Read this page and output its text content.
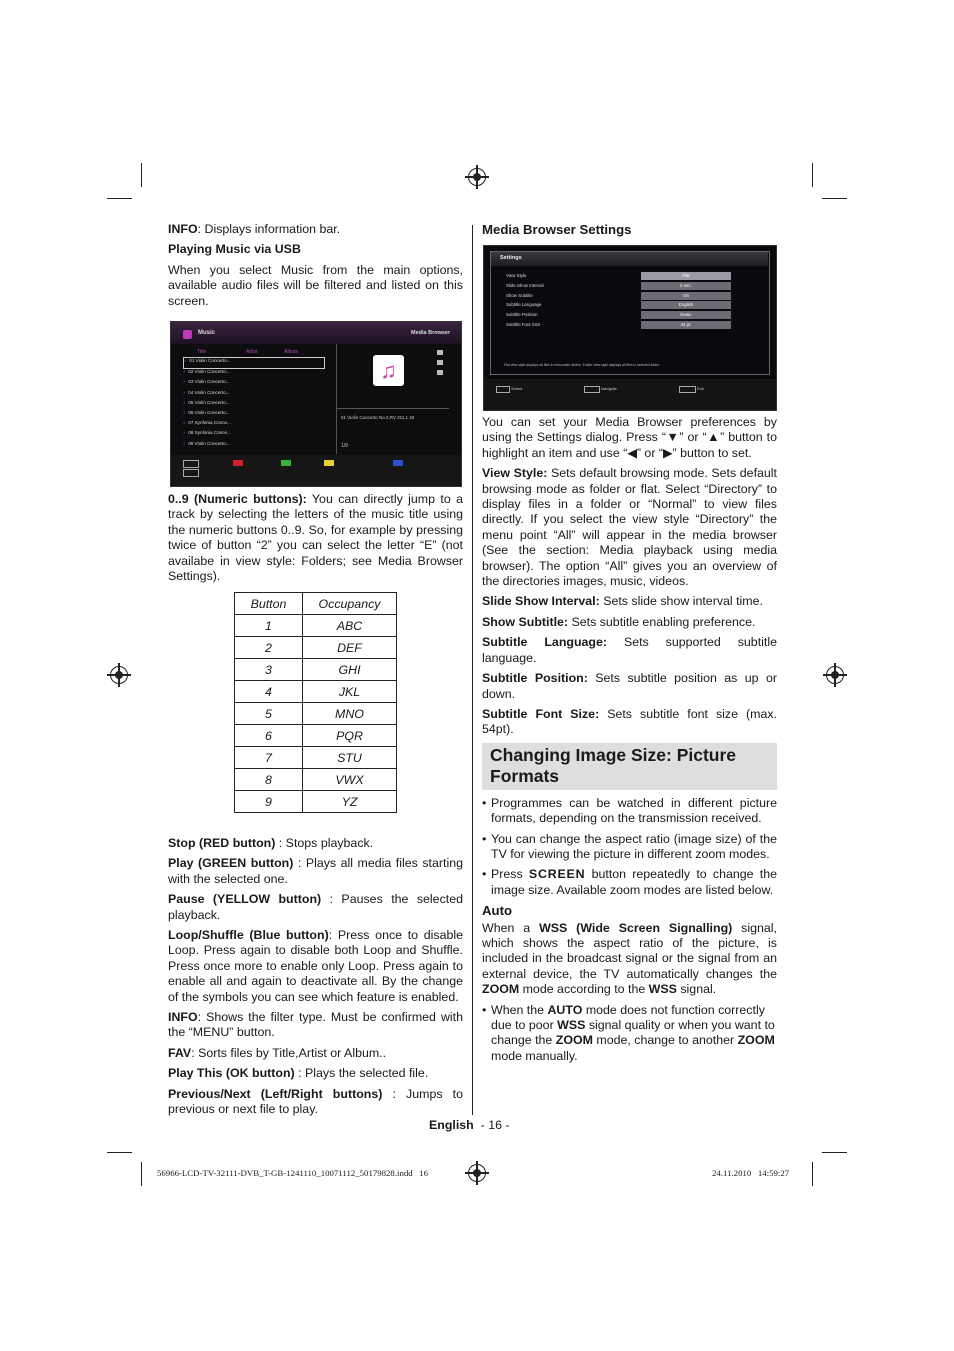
INFO: Displays information bar.

Playing Music via USB

When you select Music from the main options, available audio files will be filtered and listed on this screen.

Music	Media Browser
Title	Artist	Album
♪ 01 Violin Concerto...
♪ 02 Violin Concerto...
♪ 03 Violin Concerto...
♪ 04 Violin Concerto...
♪ 05 Violin Concerto...
♪ 06 Violin Concerto...
♪ 07 Synfonia Conce...
♪ 08 Synfonia Conce...
♪ 09 Violin Concerto...
♫
01 Violin Concerto No.2,RV 311,1 40
1/9

0..9 (Numeric buttons): You can directly jump to a track by selecting the letters of the music title using the numeric buttons 0..9. So, for example by pressing twice of button “2” you can select the letter “E” (not availabe in view style: Folders; see Media Browser Settings).

Button	Occupancy
1	ABC
2	DEF
3	GHI
4	JKL
5	MNO
6	PQR
7	STU
8	VWX
9	YZ

Stop (RED button) : Stops playback.

Play (GREEN button) : Plays all media files starting with the selected one.

Pause (YELLOW button) : Pauses the selected playback.

Loop/Shuffle (Blue button): Press once to disable Loop. Press again to disable both Loop and Shuffle. Press once more to enable only Loop. Press again to enable all and again to deactivate all. By the change of the symbols you can see which feature is enabled.

INFO: Shows the filter type. Must be confirmed with the “MENU” button.

FAV: Sorts files by Title,Artist or Album..

Play This (OK button) : Plays the selected file.

Previous/Next (Left/Right buttons) : Jumps to previous or next file to play.

Media Browser Settings

Settings
View Style	Flat
Slide Show Interval	5 sec.
Show Subtitle	On
Subtitle Language	English
Subtitle Position	Down
Subtitle Font Size	44 pt.
Flat view style displays all files in removable device. Folder view style displays all files in selected folder.
Select	Navigate	Exit

You can set your Media Browser preferences by using the Settings dialog. Press “▼” or “▲” button to highlight an item and use “◀” or “▶” button to set.

View Style: Sets default browsing mode. Sets default browsing mode as folder or flat. Select “Directory” to display files in a folder or “Normal” to view files directly. If you select the view style “Directory” the menu point “All” will appear in the media browser (See the section: Media playback using media browser). The option “All” gives you an overview of the directories images, music, videos.

Slide Show Interval: Sets slide show interval time.

Show Subtitle: Sets subtitle enabling preference.

Subtitle Language: Sets supported subtitle language.

Subtitle Position: Sets subtitle position as up or down.

Subtitle Font Size: Sets subtitle font size (max. 54pt).

Changing Image Size: Picture Formats
• Programmes can be watched in different picture formats, depending on the transmission received.
• You can change the aspect ratio (image size) of the TV for viewing the picture in different zoom modes.
• Press SCREEN button repeatedly to change the image size. Available zoom modes are listed below.

Auto

When a WSS (Wide Screen Signalling) signal, which shows the aspect ratio of the picture, is included in the broadcast signal or the signal from an external device, the TV automatically changes the ZOOM mode according to the WSS signal.

• When the AUTO mode does not function correctly due to poor WSS signal quality or when you want to change the ZOOM mode, change to another ZOOM mode manually.
English - 16 -
56966-LCD-TV-32111-DVB_T-GB-1241110_10071112_50179828.indd   16	24.11.2010   14:59:27
